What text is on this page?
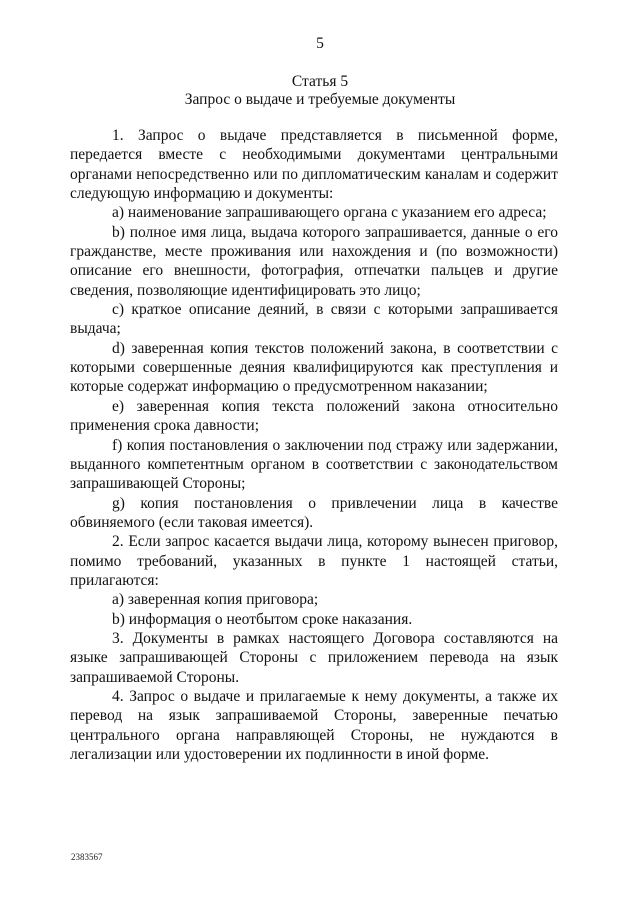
5
Статья 5
Запрос о выдаче и требуемые документы

1. Запрос о выдаче представляется в письменной форме, передается вместе с необходимыми документами центральными органами непосредственно или по дипломатическим каналам и содержит следующую информацию и документы:

а) наименование запрашивающего органа с указанием его адреса;

b) полное имя лица, выдача которого запрашивается, данные о его гражданстве, месте проживания или нахождения и (по возможности) описание его внешности, фотография, отпечатки пальцев и другие сведения, позволяющие идентифицировать это лицо;

с) краткое описание деяний, в связи с которыми запрашивается выдача;

d) заверенная копия текстов положений закона, в соответствии с которыми совершенные деяния квалифицируются как преступления и которые содержат информацию о предусмотренном наказании;

е) заверенная копия текста положений закона относительно применения срока давности;

f) копия постановления о заключении под стражу или задержании, выданного компетентным органом в соответствии с законодательством запрашивающей Стороны;

g) копия постановления о привлечении лица в качестве обвиняемого (если таковая имеется).

2. Если запрос касается выдачи лица, которому вынесен приговор, помимо требований, указанных в пункте 1 настоящей статьи, прилагаются:

а) заверенная копия приговора;

b) информация о неотбытом сроке наказания.

3. Документы в рамках настоящего Договора составляются на языке запрашивающей Стороны с приложением перевода на язык запрашиваемой Стороны.

4. Запрос о выдаче и прилагаемые к нему документы, а также их перевод на язык запрашиваемой Стороны, заверенные печатью центрального органа направляющей Стороны, не нуждаются в легализации или удостоверении их подлинности в иной форме.

2383567
